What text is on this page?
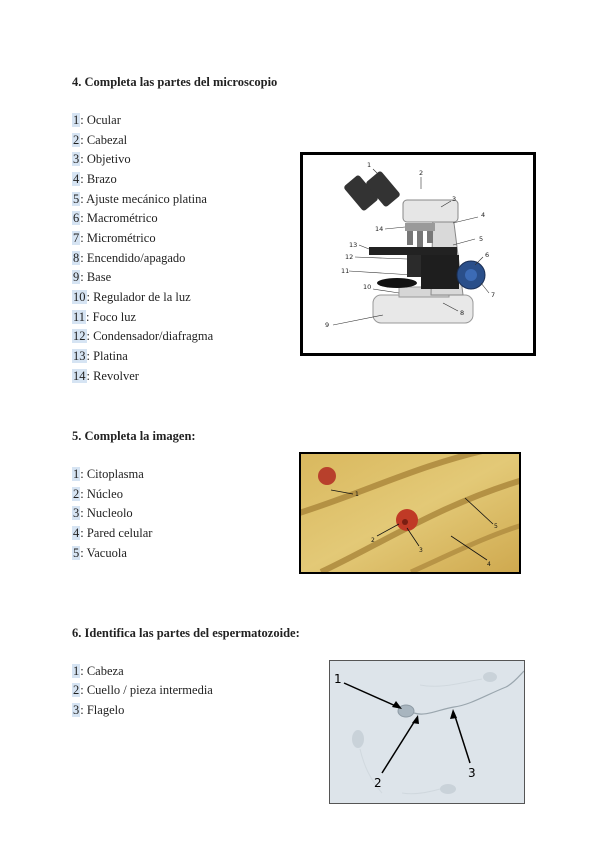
4. Completa las partes del microscopio
1: Ocular
2: Cabezal
3: Objetivo
4: Brazo
5: Ajuste mecánico platina
6: Macrométrico
7: Micrométrico
8: Encendido/apagado
9: Base
10: Regulador de la luz
11: Foco luz
12: Condensador/diafragma
13: Platina
14: Revolver
1
2
3
4
5
6
7
8
9
10
11
12
13
14
5. Completa la imagen:
1: Citoplasma
2: Núcleo
3: Nucleolo
4: Pared celular
5: Vacuola
1
2
3
4
5
6. Identifica las partes del espermatozoide:
1: Cabeza
2: Cuello / pieza intermedia
3: Flagelo
1
2
3
